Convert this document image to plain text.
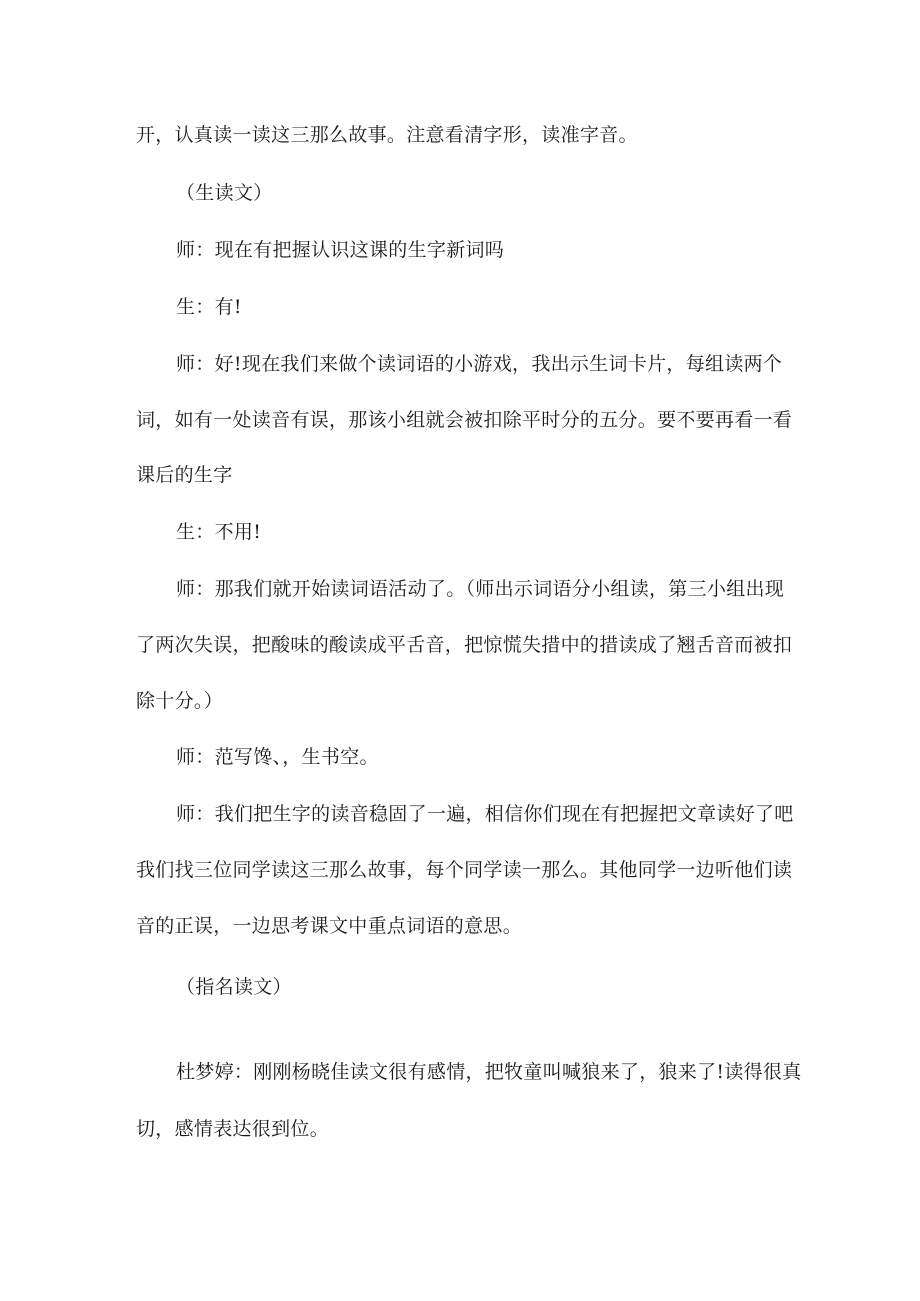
开，认真读一读这三那么故事。注意看清字形，读准字音。
（生读文）
师：现在有把握认识这课的生字新词吗
生：有!
师：好!现在我们来做个读词语的小游戏，我出示生词卡片，每组读两个
词，如有一处读音有误，那该小组就会被扣除平时分的五分。要不要再看一看
课后的生字
生：不用!
师：那我们就开始读词语活动了。（师出示词语分小组读，第三小组出现
了两次失误，把酸味的酸读成平舌音，把惊慌失措中的措读成了翘舌音而被扣
除十分。）
师：范写馋、，生书空。
师：我们把生字的读音稳固了一遍，相信你们现在有把握把文章读好了吧
我们找三位同学读这三那么故事，每个同学读一那么。其他同学一边听他们读
音的正误，一边思考课文中重点词语的意思。
（指名读文）
杜梦婷：刚刚杨晓佳读文很有感情，把牧童叫喊狼来了，狼来了!读得很真
切，感情表达很到位。
